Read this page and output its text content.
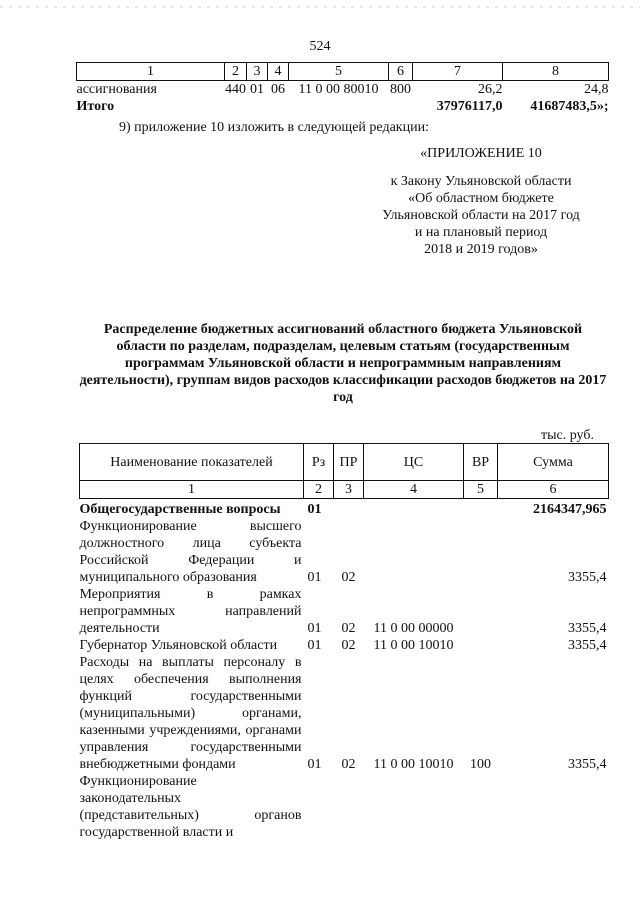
524
1	2	3	4	5	6	7	8
ассигнования	440	01	06	11 0 00 80010	800	26,2	24,8
Итого						37976117,0	41687483,5»;
9) приложение 10 изложить в следующей редакции:
«ПРИЛОЖЕНИЕ 10
к Закону Ульяновской области
«Об областном бюджете
Ульяновской области на 2017 год
и на плановый период
2018 и 2019 годов»
Распределение бюджетных ассигнований областного бюджета Ульяновской области по разделам, подразделам, целевым статьям (государственным программам Ульяновской области и непрограммным направлениям деятельности), группам видов расходов классификации расходов бюджетов на 2017 год
тыс. руб.
Наименование показателей	Рз	ПР	ЦС	ВР	Сумма
1	2	3	4	5	6
Общегосударственные вопросы	01				2164347,965
Функционирование высшего должностного лица субъекта Российской Федерации и муниципального образования	01	02			3355,4
Мероприятия в рамках непрограммных направлений деятельности	01	02	11 0 00 00000		3355,4
Губернатор Ульяновской области	01	02	11 0 00 10010		3355,4
Расходы на выплаты персоналу в целях обеспечения выполнения функций государственными (муниципальными) органами, казенными учреждениями, органами управления государственными внебюджетными фондами	01	02	11 0 00 10010	100	3355,4
Функционирование законодательных (представительных) органов государственной власти и					
